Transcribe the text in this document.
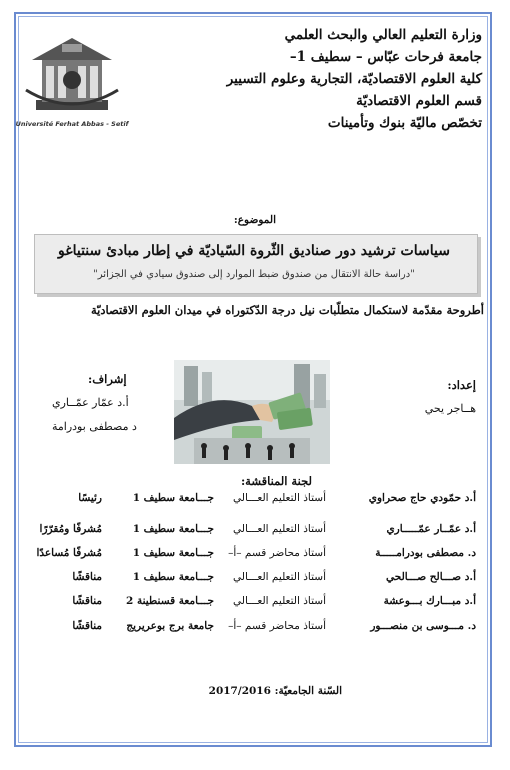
وزارة التعليم العالي والبحث العلمي
جامعة فرحات عبّاس – سطيف 1–
كلية العلوم الاقتصاديّة، التجارية وعلوم التسيير
قسم العلوم الاقتصاديّة
تخصّص ماليّة بنوك وتأمينات
Université Ferhat Abbas - Setif
الموضوع:
سياسات ترشيد دور صناديق الثّروة السّياديّة في إطار مبادئ سنتياغو
"دراسة حالة الانتقال من صندوق ضبط الموارد إلى صندوق سيادي في الجزائر"
أطروحة مقدّمة لاستكمال متطلّبات نيل درجة الدّكتوراه في ميدان العلوم الاقتصاديّة
إعداد:
هــاجر يحي
إشراف:
أ.د عمّار عمّــاري
د مصطفى بودرامة
لجنة المناقشة:
أ.د حمّودي حاج صحراوي
أستاذ التعليم العـــالي
جـــامعة سطيف 1
رئيسًا
أ.د عمّــار عمّـــــاري
أستاذ التعليم العـــالي
جـــامعة سطيف 1
مُشرفًا ومُقرّرًا
د. مصطفى بودرامـــــة
أستاذ محاضر قسم –أ–
جـــامعة سطيف 1
مُشرفًا مُساعدًا
أ.د صـــالح صـــالحي
أستاذ التعليم العـــالي
جـــامعة سطيف 1
مناقشًا
أ.د مبـــارك بـــوعشة
أستاذ التعليم العـــالي
جـــامعة قسنطينة 2
مناقشًا
د. مـــوسى بن منصـــور
أستاذ محاضر قسم –أ–
جامعة برج بوعريريج
مناقشًا
السّنة الجامعيّة: 2017/2016
